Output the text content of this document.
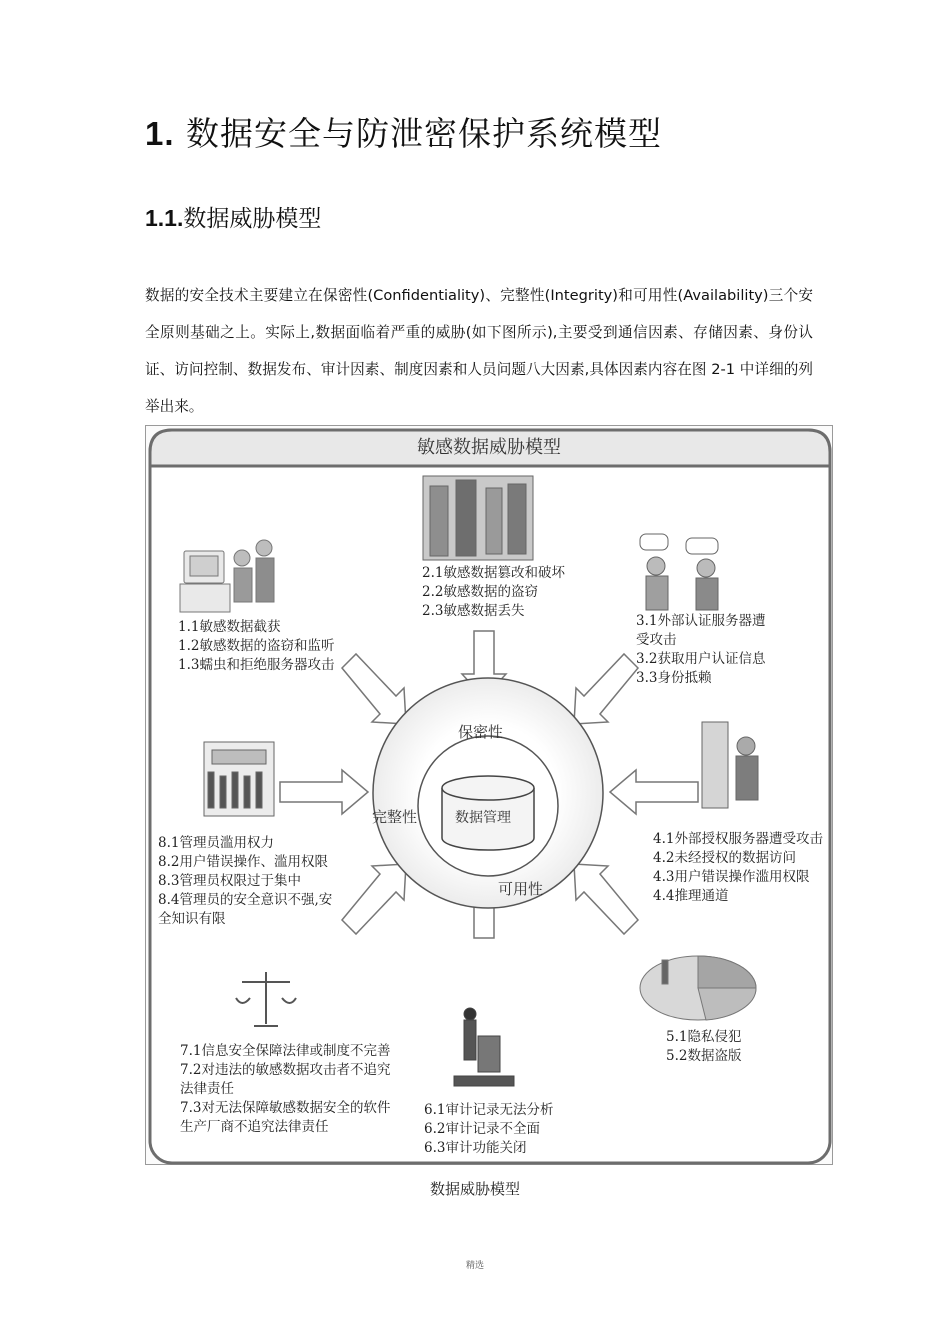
1. 数据安全与防泄密保护系统模型
1.1.数据威胁模型

数据的安全技术主要建立在保密性(Confidentiality)、完整性(Integrity)和可用性(Availability)三个安全原则基础之上。实际上,数据面临着严重的威胁(如下图所示),主要受到通信因素、存储因素、身份认证、访问控制、数据发布、审计因素、制度因素和人员问题八大因素,具体因素内容在图 2-1 中详细的列举出来。

敏感数据威胁模型
保密性
完整性
可用性
数据管理
1.1敏感数据截获
1.2敏感数据的盗窃和监听
1.3蠕虫和拒绝服务器攻击
2.1敏感数据篡改和破坏
2.2敏感数据的盗窃
2.3敏感数据丢失
3.1外部认证服务器遭
受攻击
3.2获取用户认证信息
3.3身份抵赖
4.1外部授权服务器遭受攻击
4.2未经授权的数据访问
4.3用户错误操作滥用权限
4.4推理通道
5.1隐私侵犯
5.2数据盗版
6.1审计记录无法分析
6.2审计记录不全面
6.3审计功能关闭
7.1信息安全保障法律或制度不完善
7.2对违法的敏感数据攻击者不追究
法律责任
7.3对无法保障敏感数据安全的软件
生产厂商不追究法律责任
8.1管理员滥用权力
8.2用户错误操作、滥用权限
8.3管理员权限过于集中
8.4管理员的安全意识不强,安
全知识有限
数据威胁模型
精选
